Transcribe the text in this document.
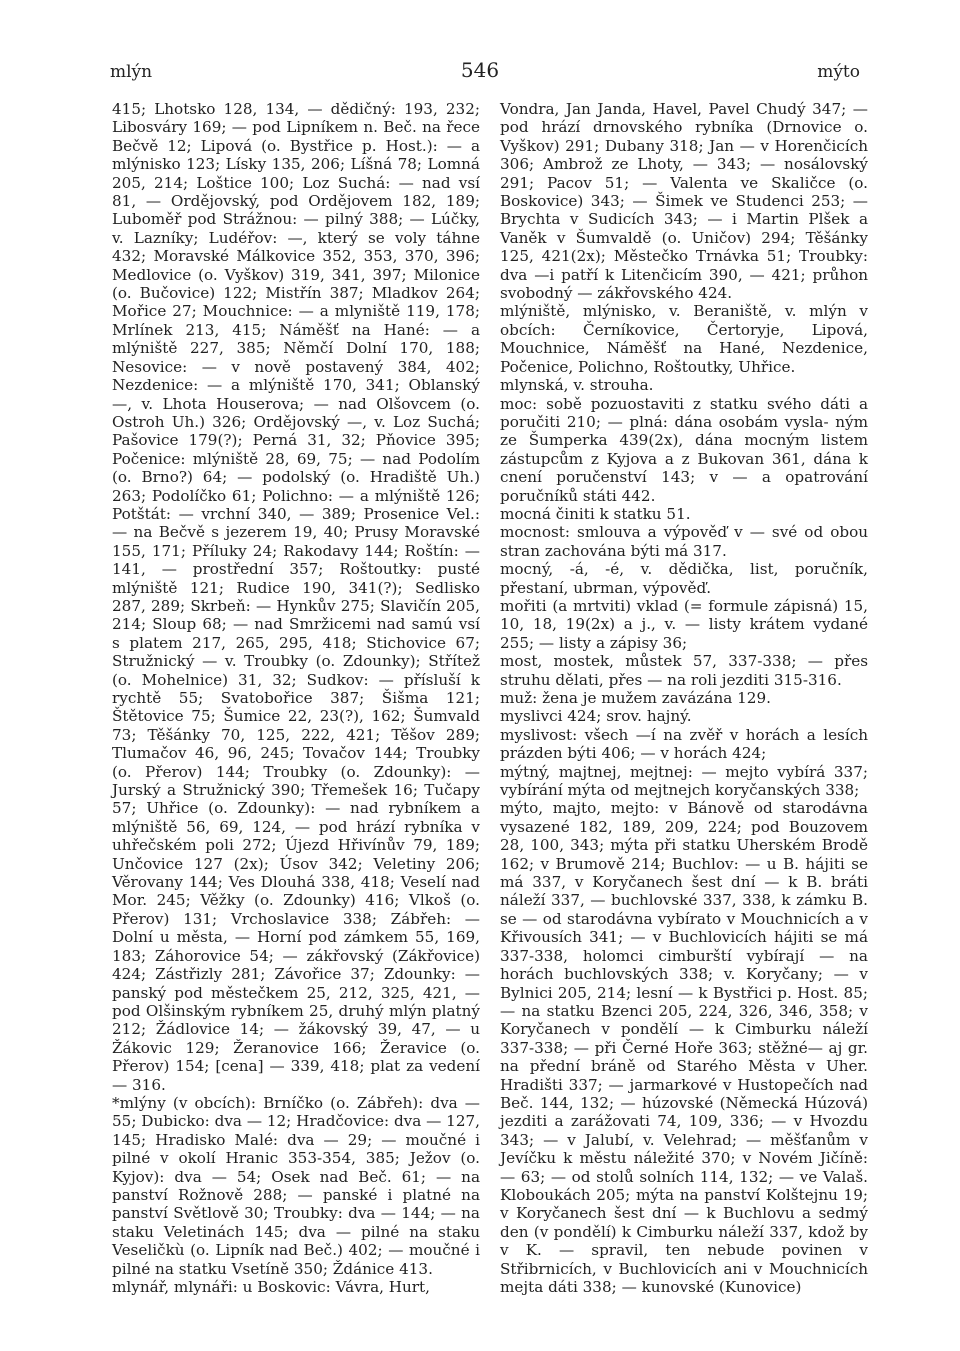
mlýn	546	mýto

415; Lhotsko 128, 134, — dědičný: 193, 232; Libosváry 169; — pod Lipníkem n. Beč. na řece Bečvě 12; Lipová (o. Bystřice p. Host.): — a mlýnisko 123; Lísky 135, 206; Líšná 78; Lomná 205, 214; Loštice 100; Loz Suchá: — nad vsí 81, — Ordějovský, pod Ordějovem 182, 189; Luboměř pod Strážnou: — pilný 388; — Lúčky, v. Lazníky; Ludéřov: —, který se voly táhne 432; Moravské Málkovice 352, 353, 370, 396; Medlovice (o. Vyškov) 319, 341, 397; Milonice (o. Bučovice) 122; Mistřín 387; Mladkov 264; Mořice 27; Mouchnice: — a mlyniště 119, 178; Mrlínek 213, 415; Náměšť na Hané: — a mlýniště 227, 385; Němčí Dolní 170, 188; Nesovice: — v nově postavený 384, 402; Nezdenice: — a mlýniště 170, 341; Oblanský —, v. Lhota Houserova; — nad Olšovcem (o. Ostroh Uh.) 326; Ordějovský —, v. Loz Suchá; Pašovice 179(?); Perná 31, 32; Pňovice 395; Počenice: mlýniště 28, 69, 75; — nad Podolím (o. Brno?) 64; — podolský (o. Hradiště Uh.) 263; Podolíčko 61; Polichno: — a mlýniště 126; Potštát: — vrchní 340, — 389; Prosenice Vel.: — na Bečvě s jezerem 19, 40; Prusy Moravské 155, 171; Příluky 24; Rakodavy 144; Roštín: — 141, — prostřední 357; Roštoutky: pusté mlýniště 121; Rudice 190, 341(?); Sedlisko 287, 289; Skrbeň: — Hynkův 275; Slavičín 205, 214; Sloup 68; — nad Smržicemi nad samú vsí s platem 217, 265, 295, 418; Stichovice 67; Stružnický — v. Troubky (o. Zdounky); Střítež (o. Mohelnice) 31, 32; Sudkov: — přísluší k rychtě 55; Svatobořice 387; Šišma 121; Štětovice 75; Šumice 22, 23(?), 162; Šumvald 73; Těšánky 70, 125, 222, 421; Těšov 289; Tlumačov 46, 96, 245; Tovačov 144; Troubky (o. Přerov) 144; Troubky (o. Zdounky): — Jurský a Stružnický 390; Třemešek 16; Tučapy 57; Uhřice (o. Zdounky): — nad rybníkem a mlýniště 56, 69, 124, — pod hrází rybníka v uhřečském poli 272; Újezd Hřivínův 79, 189; Unčovice 127 (2x); Úsov 342; Veletiny 206; Věrovany 144; Ves Dlouhá 338, 418; Veselí nad Mor. 245; Věžky (o. Zdounky) 416; Vlkoš (o. Přerov) 131; Vrchoslavice 338; Zábřeh: — Dolní u města, — Horní pod zámkem 55, 169, 183; Záhorovice 54; — zákřovský (Zákřovice) 424; Zástřizly 281; Závořice 37; Zdounky: — panský pod městečkem 25, 212, 325, 421, — pod Olšinským rybníkem 25, druhý mlýn platný 212; Žádlovice 14; — žákovský 39, 47, — u Žákovic 129; Žeranovice 166; Žeravice (o. Přerov) 154; [cena] — 339, 418; plat za vedení — 316.

*mlýny (v obcích): Brníčko (o. Zábřeh): dva — 55; Dubicko: dva — 12; Hradčovice: dva — 127, 145; Hradisko Malé: dva — 29; — moučné i pilné v okolí Hranic 353-354, 385; Ježov (o. Kyjov): dva — 54; Osek nad Beč. 61; — na panství Rožnově 288; — panské i platné na panství Světlově 30; Troubky: dva — 144; — na staku Veletinách 145; dva — pilné na staku Veseličkù (o. Lipník nad Beč.) 402; — moučné i pilné na statku Vsetíně 350; Ždánice 413.

mlynář, mlynáři: u Boskovic: Vávra, Hurt,

Vondra, Jan Janda, Havel, Pavel Chudý 347; — pod hrází drnovského rybníka (Drnovice o. Vyškov) 291; Dubany 318; Jan — v Horenčicích 306; Ambrož ze Lhoty, — 343; — nosálovský 291; Pacov 51; — Valenta ve Skaličce (o. Boskovice) 343; — Šimek ve Studenci 253; — Brychta v Sudicích 343; — i Martin Plšek a Vaněk v Šumvaldě (o. Uničov) 294; Těšánky 125, 421(2x); Městečko Trnávka 51; Troubky: dva —i patří k Litenčicím 390, — 421; průhon svobodný — zákřovského 424.

mlýniště, mlýnisko, v. Beraniště, v. mlýn v obcích: Černíkovice, Čertoryje, Lipová, Mouchnice, Náměšť na Hané, Nezdenice, Počenice, Polichno, Roštoutky, Uhřice.

mlynská, v. strouha.

moc: sobě pozuostaviti z statku svého dáti a poručiti 210; — plná: dána osobám vysla- ným ze Šumperka 439(2x), dána mocným listem zástupcům z Kyjova a z Bukovan 361, dána k cnení poručenství 143; v — a opatrování poručníků státi 442.

mocná činiti k statku 51.

mocnost: smlouva a výpověď v — své od obou stran zachována býti má 317.

mocný, -á, -é, v. dědička, list, poručník, přestaní, ubrman, výpověď.

mořiti (a mrtviti) vklad (= formule zápisná) 15, 10, 18, 19(2x) a j., v. — listy krátem vydané 255; — listy a zápisy 36;

most, mostek, můstek 57, 337-338; — přes struhu dělati, přes — na roli jezditi 315-316.

muž: žena je mužem zavázána 129.

myslivci 424; srov. hajný.

myslivost: všech —í na zvěř v horách a lesích prázden býti 406; — v horách 424;

mýtný, majtnej, mejtnej: — mejto vybírá 337; vybírání mýta od mejtnejch koryčanských 338;

mýto, majto, mejto: v Bánově od starodávna vysazené 182, 189, 209, 224; pod Bouzovem 28, 100, 343; mýta při statku Uherském Brodě 162; v Brumově 214; Buchlov: — u B. hájiti se má 337, v Koryčanech šest dní — k B. bráti náleží 337, — buchlovské 337, 338, k zámku B. se — od starodávna vybírato v Mouchnicích a v Křivousích 341; — v Buchlovicích hájiti se má 337-338, holomci cimburští vybírají — na horách buchlovských 338; v. Koryčany; — v Bylnici 205, 214; lesní — k Bystřici p. Host. 85; — na statku Bzenci 205, 224, 326, 346, 358; v Koryčanech v pondělí — k Cimburku náleží 337-338; — při Černé Hoře 363; stěžné— aj gr. na přední bráně od Starého Města v Uher. Hradišti 337; — jarmarkové v Hustopečích nad Beč. 144, 132; — húzovské (Německá Húzová) jezditi a zarážovati 74, 109, 336; — v Hvozdu 343; — v Jalubí, v. Velehrad; — měšťanům v Jevíčku k městu náležité 370; v Novém Jičíně: — 63; — od stolů solních 114, 132; — ve Valaš. Kloboukách 205; mýta na panství Kolštejnu 19; v Koryčanech šest dní — k Buchlovu a sedmý den (v pondělí) k Cimburku náleží 337, kdož by v K. — spravil, ten nebude povinen v Střibrnicích, v Buchlovicích ani v Mouchnicích mejta dáti 338; — kunovské (Kunovice)
